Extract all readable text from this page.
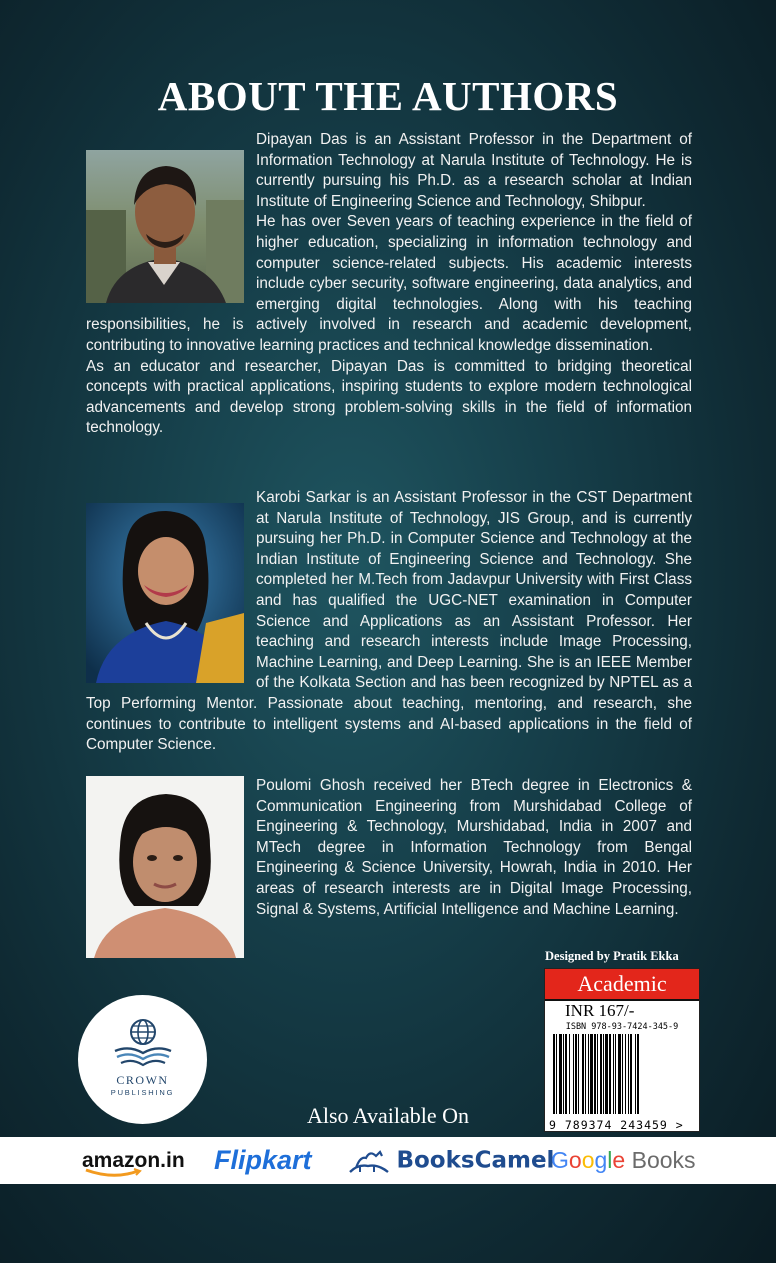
ABOUT THE AUTHORS

Dipayan Das is an Assistant Professor in the Department of Information Technology at Narula Institute of Technology. He is currently pursuing his Ph.D. as a research scholar at Indian Institute of Engineering Science and Technology, Shibpur.

He has over Seven years of teaching experience in the field of higher education, specializing in information technology and computer science-related subjects. His academic interests include cyber security, software engineering, data analytics, and emerging digital technologies. Along with his teaching responsibilities, he is actively involved in research and academic development, contributing to innovative learning practices and technical knowledge dissemination.

As an educator and researcher, Dipayan Das is committed to bridging theoretical concepts with practical applications, inspiring students to explore modern technological advancements and develop strong problem-solving skills in the field of information technology.

Karobi Sarkar is an Assistant Professor in the CST Department at Narula Institute of Technology, JIS Group, and is currently pursuing her Ph.D. in Computer Science and Technology at the Indian Institute of Engineering Science and Technology. She completed her M.Tech from Jadavpur University with First Class and has qualified the UGC-NET examination in Computer Science and Applications as an Assistant Professor. Her teaching and research interests include Image Processing, Machine Learning, and Deep Learning. She is an IEEE Member of the Kolkata Section and has been recognized by NPTEL as a Top Performing Mentor. Passionate about teaching, mentoring, and research, she continues to contribute to intelligent systems and AI-based applications in the field of Computer Science.

Poulomi Ghosh received her BTech degree in Electronics & Communication Engineering from Murshidabad College of Engineering & Technology, Murshidabad, India in 2007 and MTech degree in Information Technology from Bengal Engineering & Science University, Howrah, India in 2010. Her areas of research interests are in Digital Image Processing, Signal & Systems, Artificial Intelligence and Machine Learning.

Designed by Pratik Ekka
Academic
INR 167/-
ISBN 978-93-7424-345-9
9 789374 243459 >
CROWN
PUBLISHING
Also Available On
amazon.in Flipkart	BooksCamel
Google Books
